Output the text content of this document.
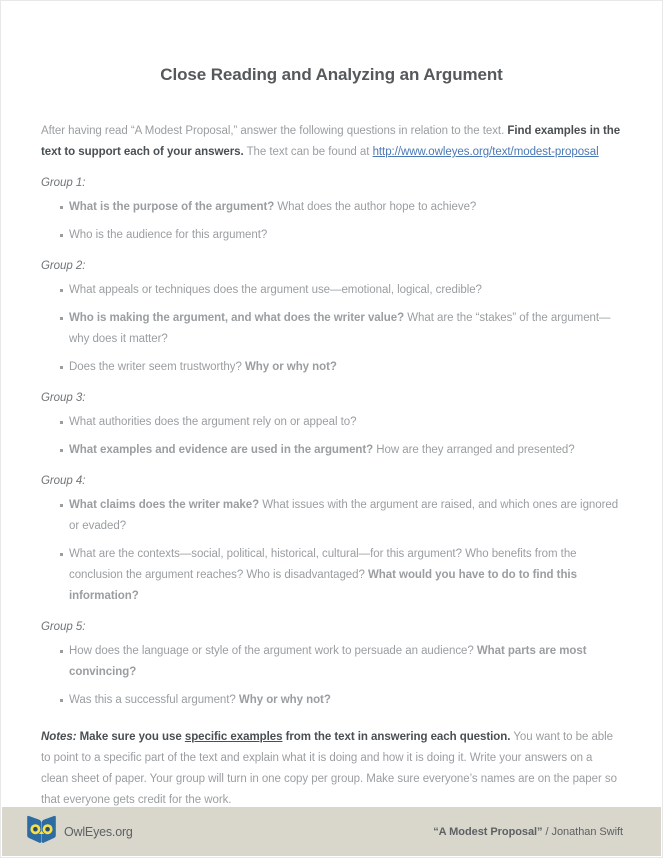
Close Reading and Analyzing an Argument

After having read “A Modest Proposal,” answer the following questions in relation to the text. Find examples in the text to support each of your answers. The text can be found at http://www.owleyes.org/text/modest-proposal

Group 1:

What is the purpose of the argument? What does the author hope to achieve?
Who is the audience for this argument?

Group 2:

What appeals or techniques does the argument use—emotional, logical, credible?
Who is making the argument, and what does the writer value? What are the “stakes” of the argument—why does it matter?
Does the writer seem trustworthy? Why or why not?

Group 3:

What authorities does the argument rely on or appeal to?
What examples and evidence are used in the argument? How are they arranged and presented?

Group 4:

What claims does the writer make? What issues with the argument are raised, and which ones are ignored or evaded?
What are the contexts—social, political, historical, cultural—for this argument? Who benefits from the conclusion the argument reaches? Who is disadvantaged? What would you have to do to find this information?

Group 5:

How does the language or style of the argument work to persuade an audience? What parts are most convincing?
Was this a successful argument? Why or why not?

Notes: Make sure you use specific examples from the text in answering each question. You want to be able to point to a specific part of the text and explain what it is doing and how it is doing it. Write your answers on a clean sheet of paper. Your group will turn in one copy per group. Make sure everyone’s names are on the paper so that everyone gets credit for the work.

OwlEyes.org	“A Modest Proposal” / Jonathan Swift
